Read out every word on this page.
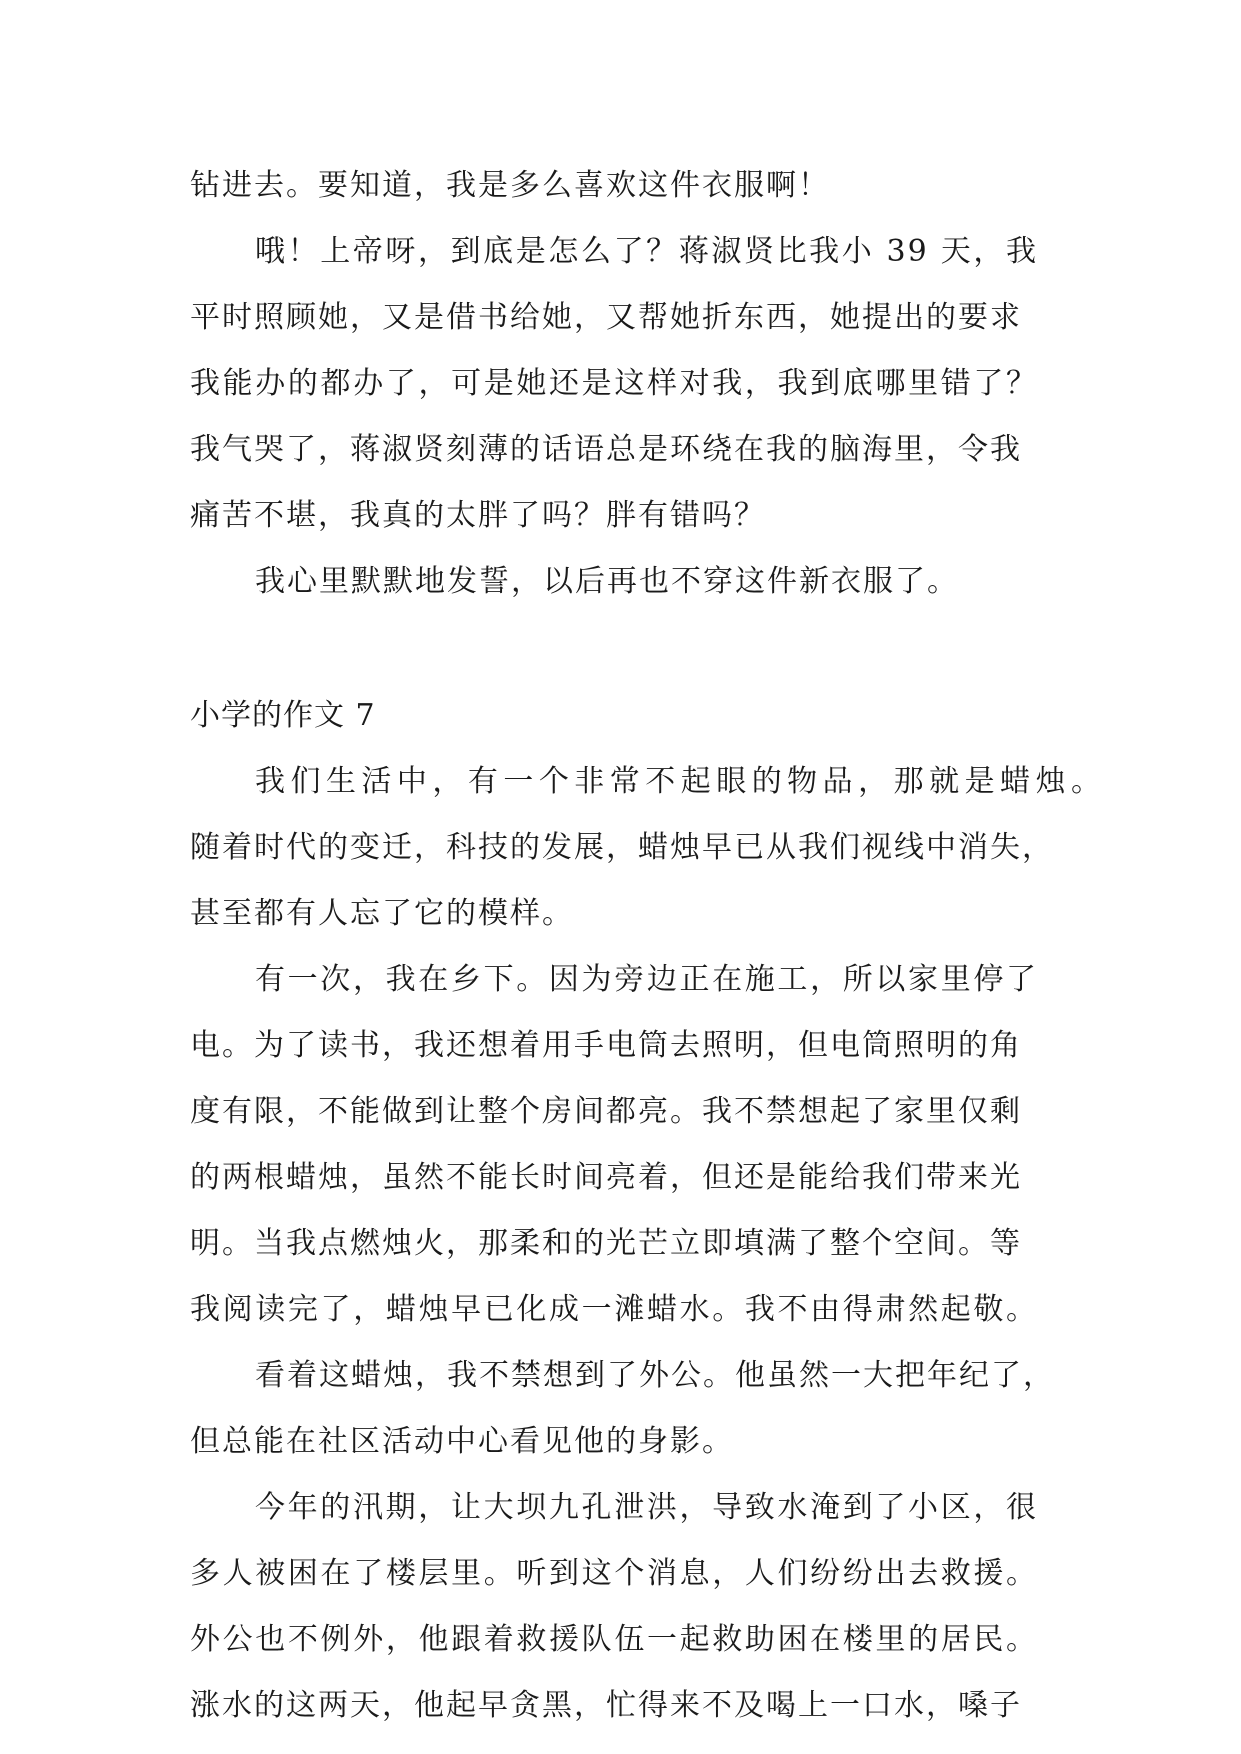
钻进去。要知道，我是多么喜欢这件衣服啊！
哦！上帝呀，到底是怎么了？蒋淑贤比我小 39 天，我
平时照顾她，又是借书给她，又帮她折东西，她提出的要求
我能办的都办了，可是她还是这样对我，我到底哪里错了？
我气哭了，蒋淑贤刻薄的话语总是环绕在我的脑海里，令我
痛苦不堪，我真的太胖了吗？胖有错吗？
我心里默默地发誓，以后再也不穿这件新衣服了。
小学的作文 7
我们生活中，有一个非常不起眼的物品，那就是蜡烛。
随着时代的变迁，科技的发展，蜡烛早已从我们视线中消失，
甚至都有人忘了它的模样。
有一次，我在乡下。因为旁边正在施工，所以家里停了
电。为了读书，我还想着用手电筒去照明，但电筒照明的角
度有限，不能做到让整个房间都亮。我不禁想起了家里仅剩
的两根蜡烛，虽然不能长时间亮着，但还是能给我们带来光
明。当我点燃烛火，那柔和的光芒立即填满了整个空间。等
我阅读完了，蜡烛早已化成一滩蜡水。我不由得肃然起敬。
看着这蜡烛，我不禁想到了外公。他虽然一大把年纪了，
但总能在社区活动中心看见他的身影。
今年的汛期，让大坝九孔泄洪，导致水淹到了小区，很
多人被困在了楼层里。听到这个消息，人们纷纷出去救援。
外公也不例外，他跟着救援队伍一起救助困在楼里的居民。
涨水的这两天，他起早贪黑，忙得来不及喝上一口水，嗓子
